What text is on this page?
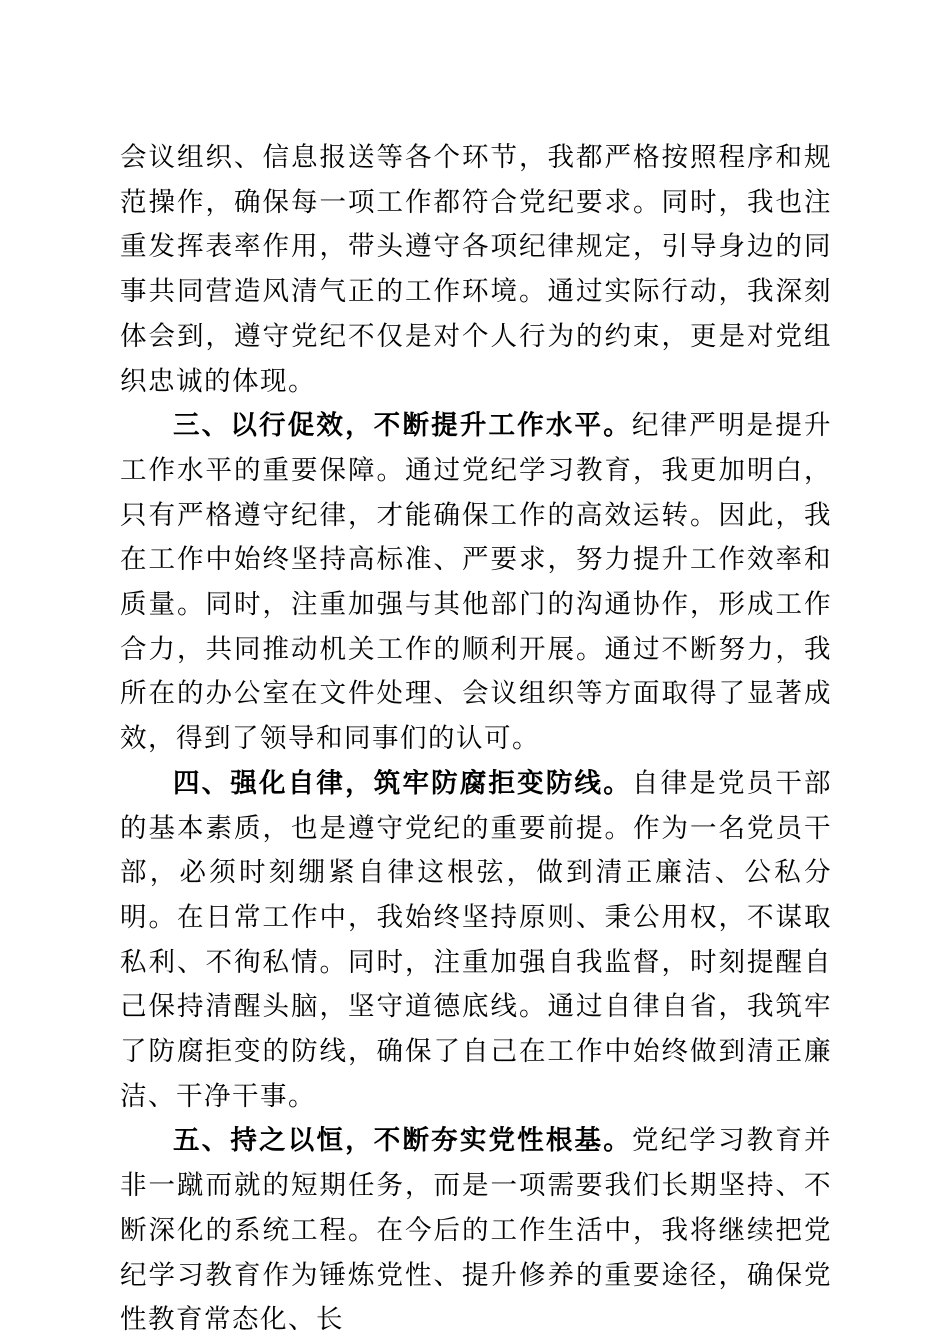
会议组织、信息报送等各个环节，我都严格按照程序和规范操作，确保每一项工作都符合党纪要求。同时，我也注重发挥表率作用，带头遵守各项纪律规定，引导身边的同事共同营造风清气正的工作环境。通过实际行动，我深刻体会到，遵守党纪不仅是对个人行为的约束，更是对党组织忠诚的体现。

三、以行促效，不断提升工作水平。纪律严明是提升工作水平的重要保障。通过党纪学习教育，我更加明白，只有严格遵守纪律，才能确保工作的高效运转。因此，我在工作中始终坚持高标准、严要求，努力提升工作效率和质量。同时，注重加强与其他部门的沟通协作，形成工作合力，共同推动机关工作的顺利开展。通过不断努力，我所在的办公室在文件处理、会议组织等方面取得了显著成效，得到了领导和同事们的认可。

四、强化自律，筑牢防腐拒变防线。自律是党员干部的基本素质，也是遵守党纪的重要前提。作为一名党员干部，必须时刻绷紧自律这根弦，做到清正廉洁、公私分明。在日常工作中，我始终坚持原则、秉公用权，不谋取私利、不徇私情。同时，注重加强自我监督，时刻提醒自己保持清醒头脑，坚守道德底线。通过自律自省，我筑牢了防腐拒变的防线，确保了自己在工作中始终做到清正廉洁、干净干事。

五、持之以恒，不断夯实党性根基。党纪学习教育并非一蹴而就的短期任务，而是一项需要我们长期坚持、不断深化的系统工程。在今后的工作生活中，我将继续把党纪学习教育作为锤炼党性、提升修养的重要途径，确保党性教育常态化、长
